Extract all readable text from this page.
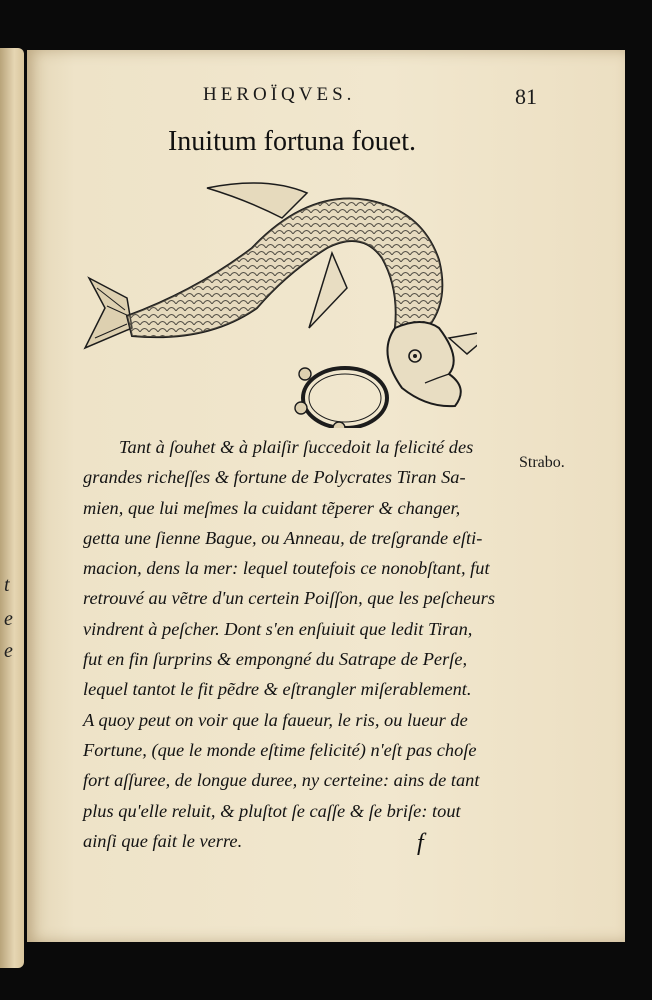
t
e
e
HEROÏQVES.	81
Inuitum fortuna fouet.
Tant à ſouhet & à plaiſir ſuccedoit la felicité des
grandes richeſſes & fortune de Polycrates Tiran Sa-
mien, que lui meſmes la cuidant tẽperer & changer,
getta une ſienne Bague, ou Anneau, de treſgrande eſti-
macion, dens la mer: lequel toutefois ce nonobſtant, fut
retrouvé au vẽtre d'un certein Poiſſon, que les peſcheurs
vindrent à peſcher. Dont s'en enſuiuit que ledit Tiran,
fut en fin ſurprins & empongné du Satrape de Perſe,
lequel tantot le fit pẽdre & eſtrangler miſerablement.
A quoy peut on voir que la faueur, le ris, ou lueur de
Fortune, (que le monde eſtime felicité) n'eſt pas choſe
fort aſſuree, de longue duree, ny certeine: ains de tant
plus qu'elle reluit, & pluſtot ſe caſſe & ſe briſe: tout
ainſi que fait le verre.
Strabo.
f
